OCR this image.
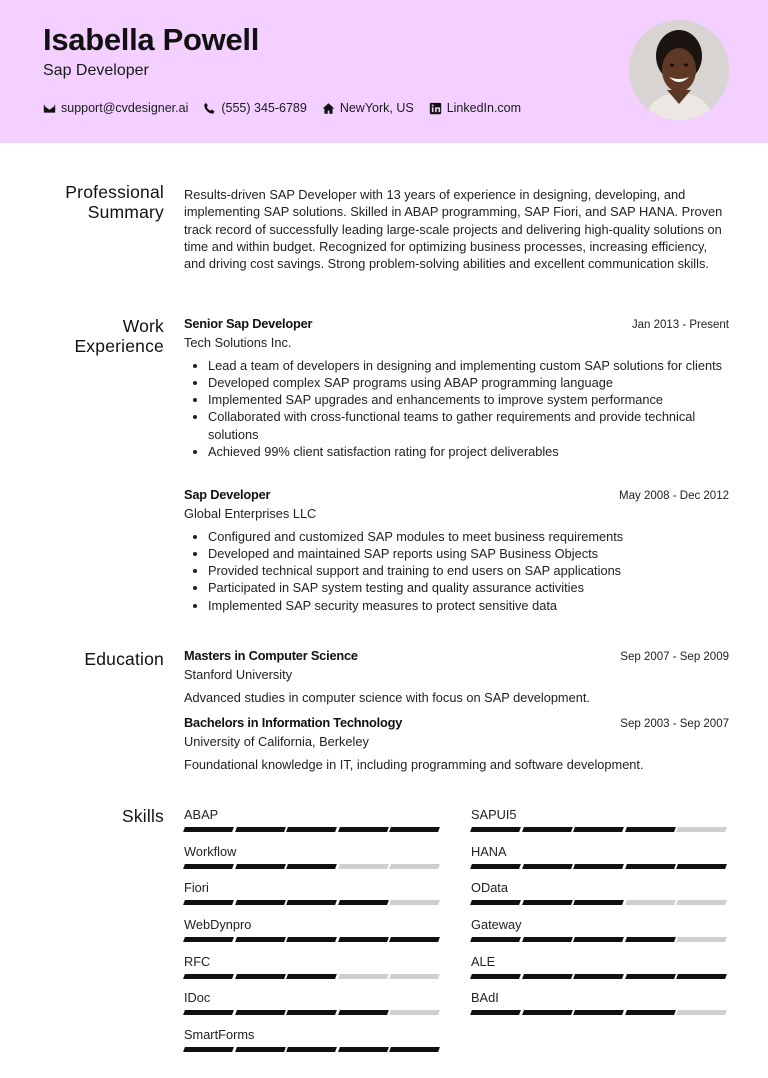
Isabella Powell
Sap Developer
support@cvdesigner.ai	(555) 345-6789	NewYork, US	LinkedIn.com
Professional
Summary
Results-driven SAP Developer with 13 years of experience in designing, developing, and implementing SAP solutions. Skilled in ABAP programming, SAP Fiori, and SAP HANA. Proven track record of successfully leading large-scale projects and delivering high-quality solutions on time and within budget. Recognized for optimizing business processes, increasing efficiency, and driving cost savings. Strong problem-solving abilities and excellent communication skills.
Work
Experience
Senior Sap Developer	Jan 2013 - Present
Tech Solutions Inc.
Lead a team of developers in designing and implementing custom SAP solutions for clients
Developed complex SAP programs using ABAP programming language
Implemented SAP upgrades and enhancements to improve system performance
Collaborated with cross-functional teams to gather requirements and provide technical solutions
Achieved 99% client satisfaction rating for project deliverables
Sap Developer	May 2008 - Dec 2012
Global Enterprises LLC
Configured and customized SAP modules to meet business requirements
Developed and maintained SAP reports using SAP Business Objects
Provided technical support and training to end users on SAP applications
Participated in SAP system testing and quality assurance activities
Implemented SAP security measures to protect sensitive data
Education Masters in Computer Science	Sep 2007 - Sep 2009
Stanford University
Advanced studies in computer science with focus on SAP development.
Bachelors in Information Technology	Sep 2003 - Sep 2007
University of California, Berkeley
Foundational knowledge in IT, including programming and software development.
Skills ABAP
Workflow
Fiori
WebDynpro
RFC
IDoc
SmartForms
SAPUI5
HANA
OData
Gateway
ALE
BAdI
